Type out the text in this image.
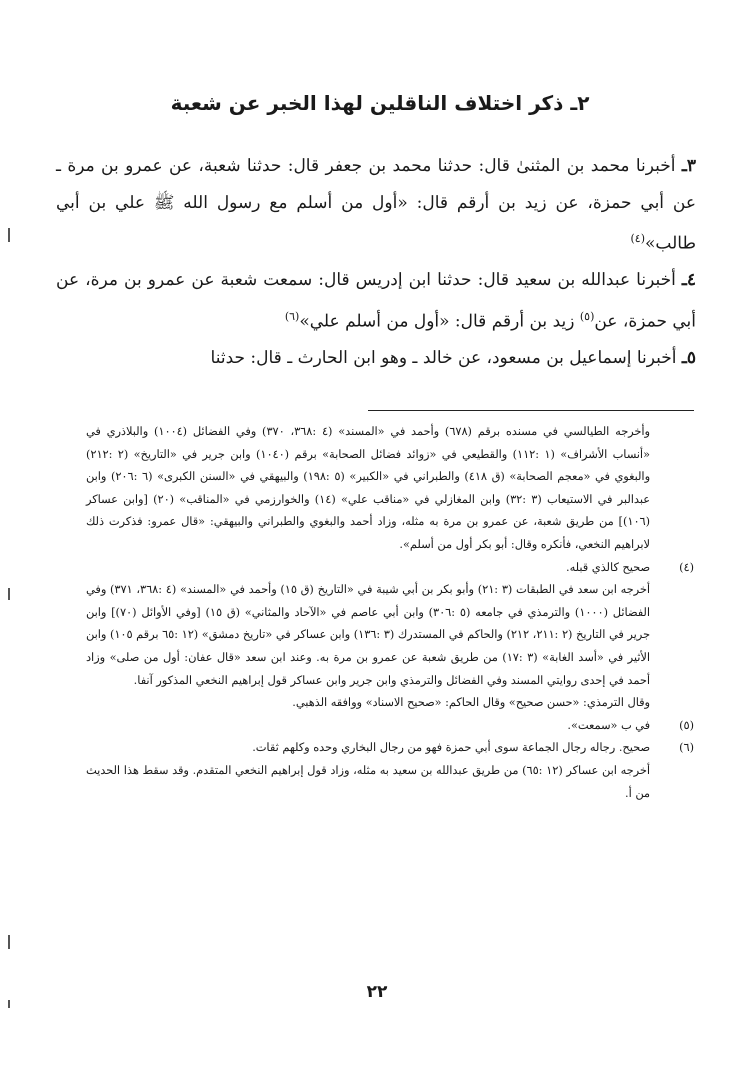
٢ـ ذكر اختلاف الناقلين لهذا الخبر عن شعبة

٣ـ أخبرنا محمد بن المثنىٰ قال: حدثنا محمد بن جعفر قال: حدثنا شعبة، عن عمرو بن مرة ـ عن أبي حمزة، عن زيد بن أرقم قال: «أول من أسلم مع رسول الله ﷺ علي بن أبي طالب»$^{(٤)}$

٤ـ أخبرنا عبدالله بن سعيد قال: حدثنا ابن إدريس قال: سمعت شعبة عن عمرو بن مرة، عن أبي حمزة، عن$^{(٥)}$ زيد بن أرقم قال: «أول من أسلم علي»$^{(٦)}$

٥ـ أخبرنا إسماعيل بن مسعود، عن خالد ـ وهو ابن الحارث ـ قال: حدثنا

وأخرجه الطيالسي في مسنده برقم (٦٧٨) وأحمد في «المسند» (٤ :٣٦٨، ٣٧٠) وفي الفضائل (١٠٠٤) والبلاذري في «أنساب الأشراف» (١ :١١٢) والقطيعي في «زوائد فضائل الصحابة» برقم (١٠٤٠) وابن جرير في «التاريخ» (٢ :٢١٢) والبغوي في «معجم الصحابة» (ق ٤١٨) والطبراني في «الكبير» (٥ :١٩٨) والبيهقي في «السنن الكبرى» (٦ :٢٠٦) وابن عبدالبر في الاستيعاب (٣ :٣٢) وابن المغازلي في «مناقب علي» (١٤) والخوارزمي في «المناقب» (٢٠) [وابن عساكر (١٠٦)] من طريق شعبة، عن عمرو بن مرة به مثله، وزاد أحمد والبغوي والطبراني والبيهقي: «قال عمرو: فذكرت ذلك لابراهيم النخعي، فأنكره وقال: أبو بكر أول من أسلم».

(٤)صحيح كالذي قبله.

أخرجه ابن سعد في الطبقات (٣ :٢١) وأبو بكر بن أبي شيبة في «التاريخ (ق ١٥) وأحمد في «المسند» (٤ :٣٦٨، ٣٧١) وفي الفضائل (١٠٠٠) والترمذي في جامعه (٥ :٣٠٦) وابن أبي عاصم في «الآحاد والمثاني» (ق ١٥) [وفي الأوائل (٧٠)] وابن جرير في التاريخ (٢ :٢١١، ٢١٢) والحاكم في المستدرك (٣ :١٣٦) وابن عساكر في «تاريخ دمشق» (١٢ :٦٥ برقم ١٠٥) وابن الأثير في «أسد الغابة» (٣ :١٧) من طريق شعبة عن عمرو بن مرة به. وعند ابن سعد «قال عفان: أول من صلى» وزاد أحمد في إحدى روايتي المسند وفي الفضائل والترمذي وابن جرير وابن عساكر قول إبراهيم النخعي المذكور آنفا.

وقال الترمذي: «حسن صحيح» وقال الحاكم: «صحيح الاسناد» ووافقه الذهبي.

(٥)في ب «سمعت».

(٦)صحيح. رجاله رجال الجماعة سوى أبي حمزة فهو من رجال البخاري وحده وكلهم ثقات.

أخرجه ابن عساكر (١٢ :٦٥) من طريق عبدالله بن سعيد به مثله، وزاد قول إبراهيم النخعي المتقدم. وقد سقط هذا الحديث من أ.

٢٢
